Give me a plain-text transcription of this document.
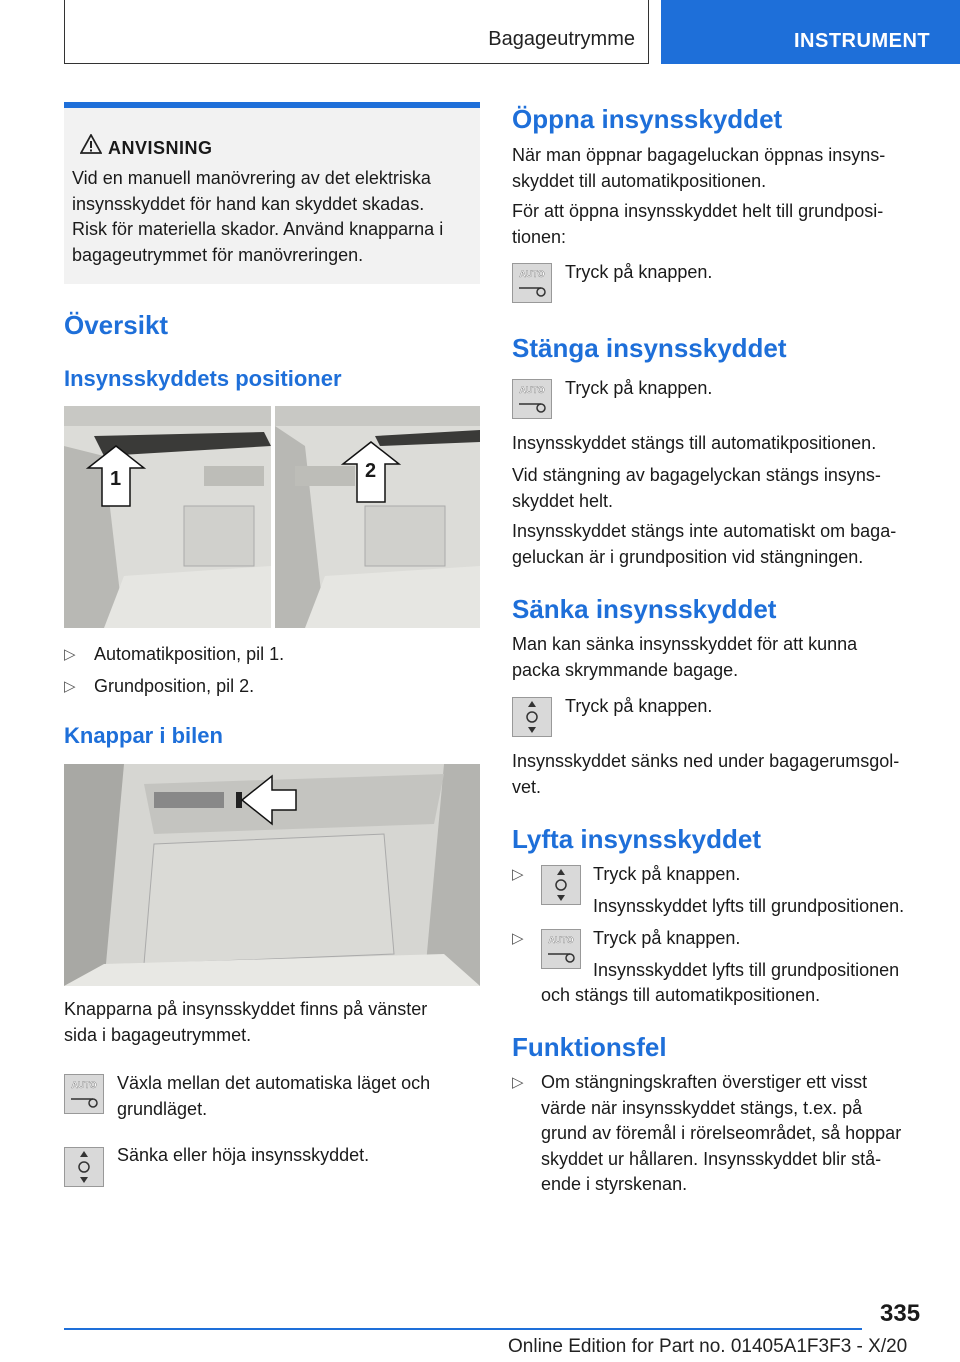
Bagageutrymme	INSTRUMENT
ANVISNING
Vid en manuell manövrering av det elektriska
insynsskyddet för hand kan skyddet skadas.
Risk för materiella skador. Använd knapparna i
bagageutrymmet för manövreringen.
Översikt
Insynsskyddets positioner
1	2
▷ Automatikposition, pil 1.
▷ Grundposition, pil 2.
Knappar i bilen

Knapparna på insynsskyddet finns på vänster
sida i bagageutrymmet.

AUTO Växla mellan det automatiska läget och
grundläget.

Sänka eller höja insynsskyddet.

Öppna insynsskyddet

När man öppnar bagageluckan öppnas insyns-
skyddet till automatikpositionen.

För att öppna insynsskyddet helt till grundposi-
tionen:

AUTO Tryck på knappen.

Stänga insynsskyddet
AUTO Tryck på knappen.

Insynsskyddet stängs till automatikpositionen.

Vid stängning av bagagelyckan stängs insyns-
skyddet helt.

Insynsskyddet stängs inte automatiskt om baga-
geluckan är i grundposition vid stängningen.

Sänka insynsskyddet

Man kan sänka insynsskyddet för att kunna
packa skrymmande bagage.

Tryck på knappen.

Insynsskyddet sänks ned under bagagerumsgol-
vet.

Lyfta insynsskyddet
▷	Tryck på knappen.

Insynsskyddet lyfts till grundpositionen.

▷	AUTO Tryck på knappen.

Insynsskyddet lyfts till grundpositionen

och stängs till automatikpositionen.

Funktionsfel
▷ Om stängningskraften överstiger ett visst
värde när insynsskyddet stängs, t.ex. på
grund av föremål i rörelseområdet, så hoppar
skyddet ur hållaren. Insynsskyddet blir stå-
ende i styrskenan.
335
Online Edition for Part no. 01405A1F3F3 - X/20
